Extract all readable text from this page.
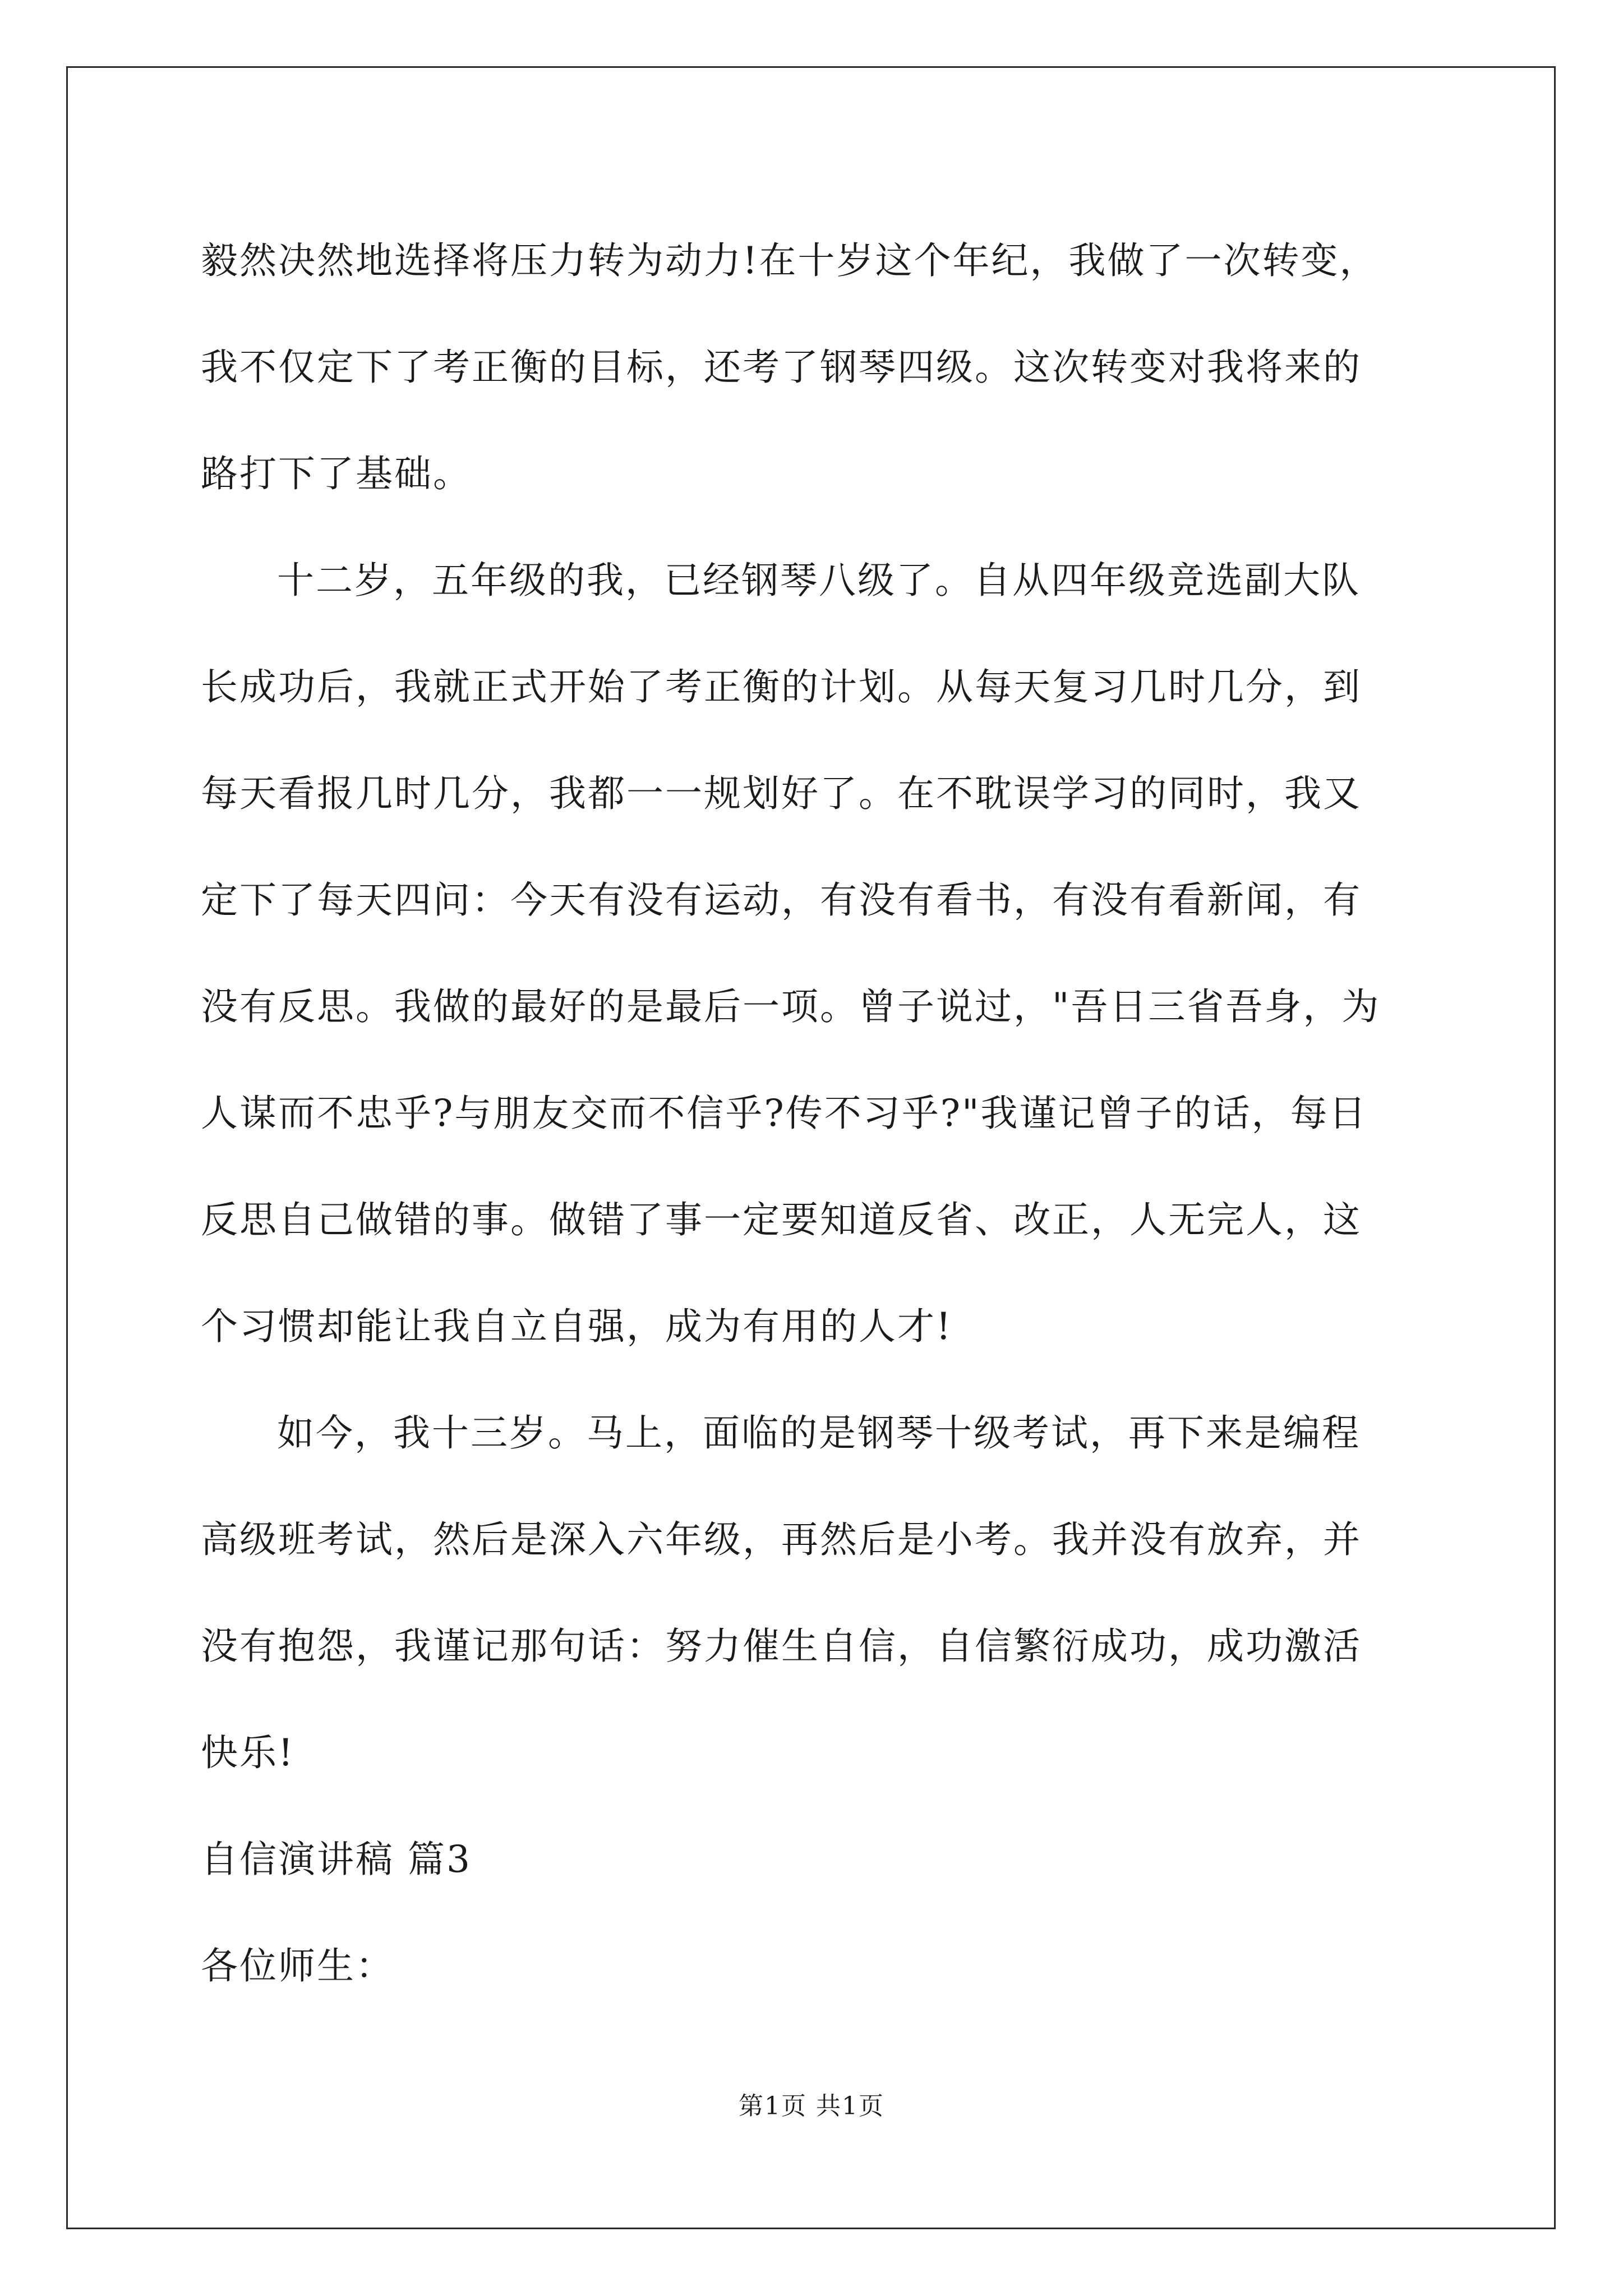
毅然决然地选择将压力转为动力!在十岁这个年纪，我做了一次转变，

我不仅定下了考正衡的目标，还考了钢琴四级。这次转变对我将来的

路打下了基础。

十二岁，五年级的我，已经钢琴八级了。自从四年级竞选副大队

长成功后，我就正式开始了考正衡的计划。从每天复习几时几分，到

每天看报几时几分，我都一一规划好了。在不耽误学习的同时，我又

定下了每天四问：今天有没有运动，有没有看书，有没有看新闻，有

没有反思。我做的最好的是最后一项。曾子说过，"吾日三省吾身，为

人谋而不忠乎?与朋友交而不信乎?传不习乎?"我谨记曾子的话，每日

反思自己做错的事。做错了事一定要知道反省、改正，人无完人，这

个习惯却能让我自立自强，成为有用的人才!

如今，我十三岁。马上，面临的是钢琴十级考试，再下来是编程

高级班考试，然后是深入六年级，再然后是小考。我并没有放弃，并

没有抱怨，我谨记那句话：努力催生自信，自信繁衍成功，成功激活

快乐!

自信演讲稿 篇3

各位师生：

第1页 共1页
